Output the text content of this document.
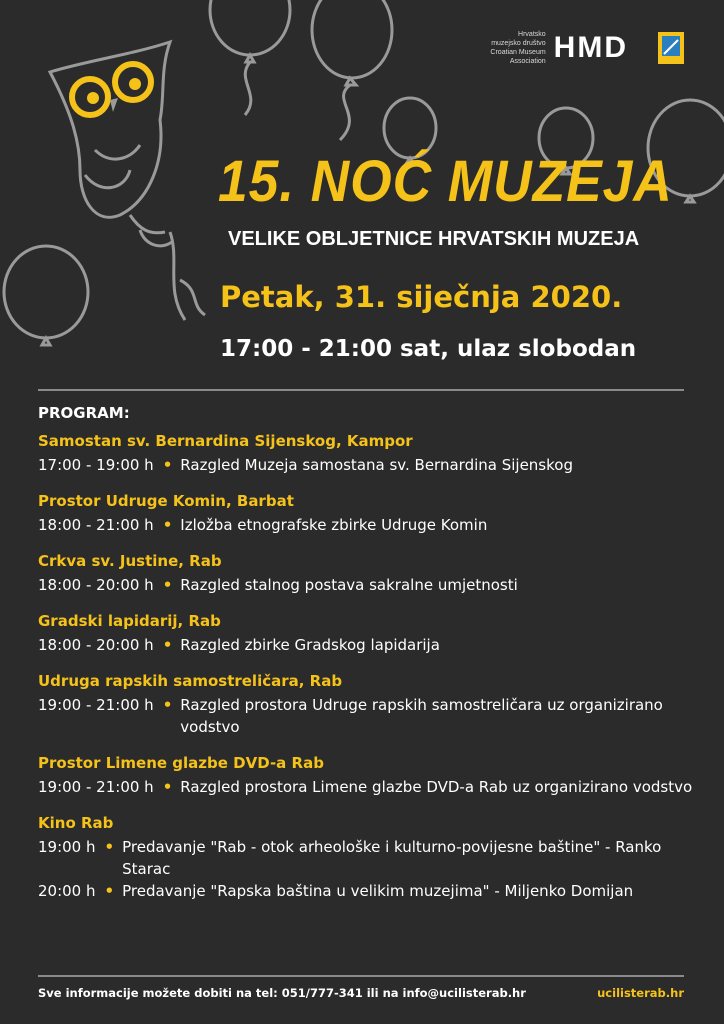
Hrvatsko
muzejsko društvo
Croatian Museum
Association HMD
15. NOĆ MUZEJA
VELIKE OBLJETNICE HRVATSKIH MUZEJA
Petak, 31. siječnja 2020.
17:00 - 21:00 sat, ulaz slobodan
PROGRAM:
Samostan sv. Bernardina Sijenskog, Kampor
17:00 - 19:00 h • Razgled Muzeja samostana sv. Bernardina Sijenskog
Prostor Udruge Komin, Barbat
18:00 - 21:00 h • Izložba etnografske zbirke Udruge Komin
Crkva sv. Justine, Rab
18:00 - 20:00 h • Razgled stalnog postava sakralne umjetnosti
Gradski lapidarij, Rab
18:00 - 20:00 h • Razgled zbirke Gradskog lapidarija
Udruga rapskih samostreličara, Rab
19:00 - 21:00 h • Razgled prostora Udruge rapskih samostreličara uz organizirano vodstvo
Prostor Limene glazbe DVD-a Rab
19:00 - 21:00 h • Razgled prostora Limene glazbe DVD-a Rab uz organizirano vodstvo
Kino Rab
19:00 h • Predavanje "Rab - otok arheološke i kulturno-povijesne baštine" - Ranko Starac
20:00 h • Predavanje "Rapska baština u velikim muzejima" - Miljenko Domijan
Sve informacije možete dobiti na tel: 051/777-341 ili na info@ucilisterab.hr	ucilisterab.hr
